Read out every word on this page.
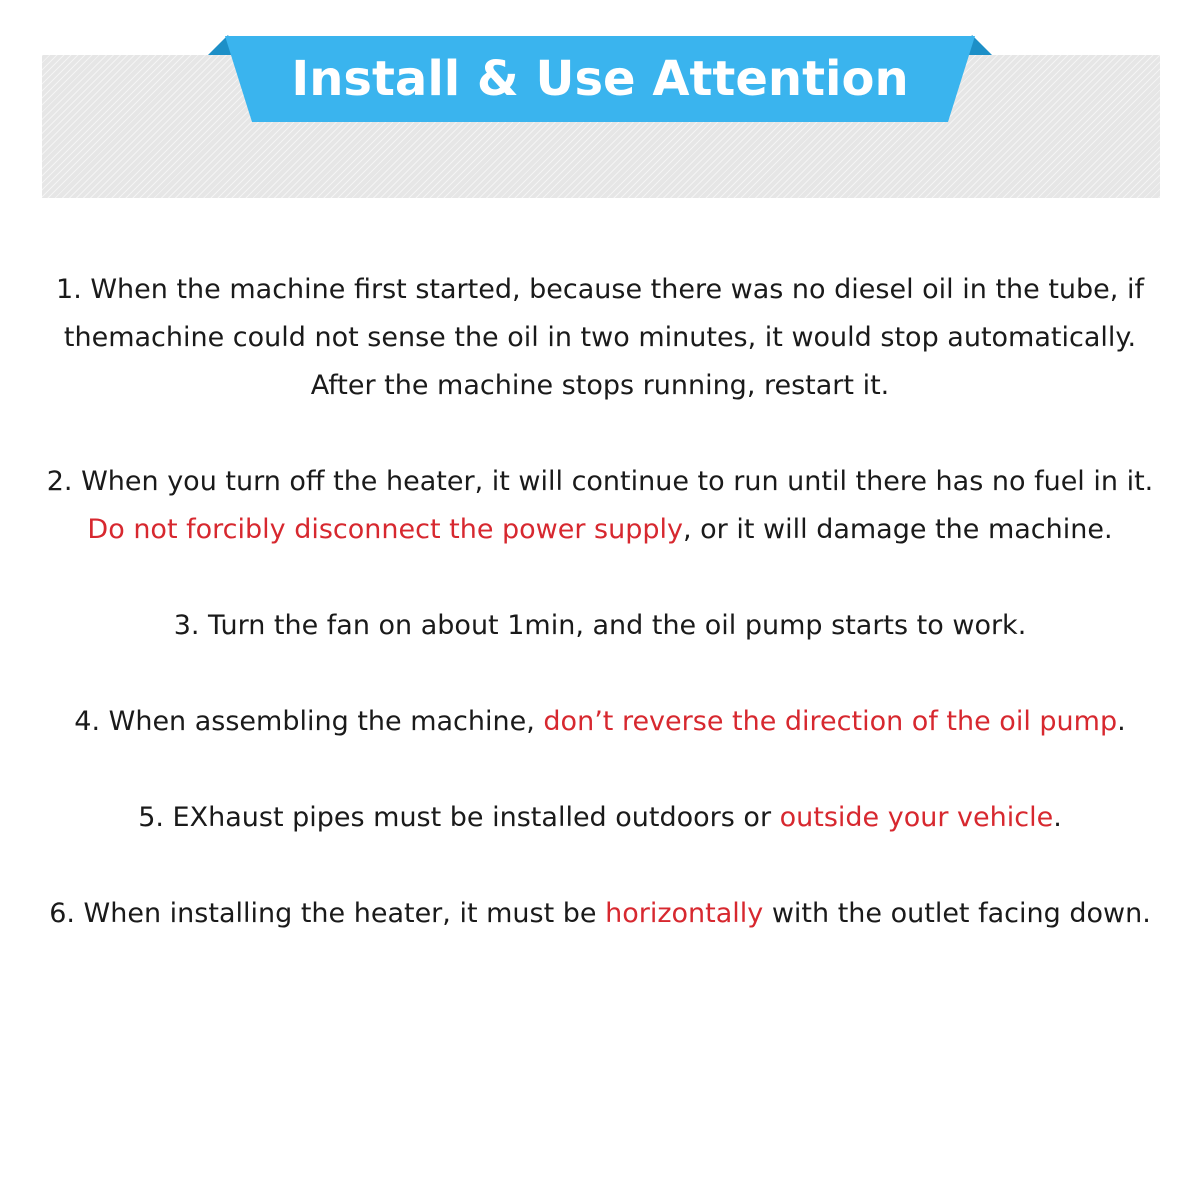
Install & Use Attention

1. When the machine first started, because there was no diesel oil in the tube, if themachine could not sense the oil in two minutes, it would stop automatically. After the machine stops running, restart it.

2. When you turn off the heater, it will continue to run until there has no fuel in it. Do not forcibly disconnect the power supply, or it will damage the machine.

3. Turn the fan on about 1min, and the oil pump starts to work.

4. When assembling the machine, don’t reverse the direction of the oil pump.

5. EXhaust pipes must be installed outdoors or outside your vehicle.

6. When installing the heater, it must be horizontally with the outlet facing down.
